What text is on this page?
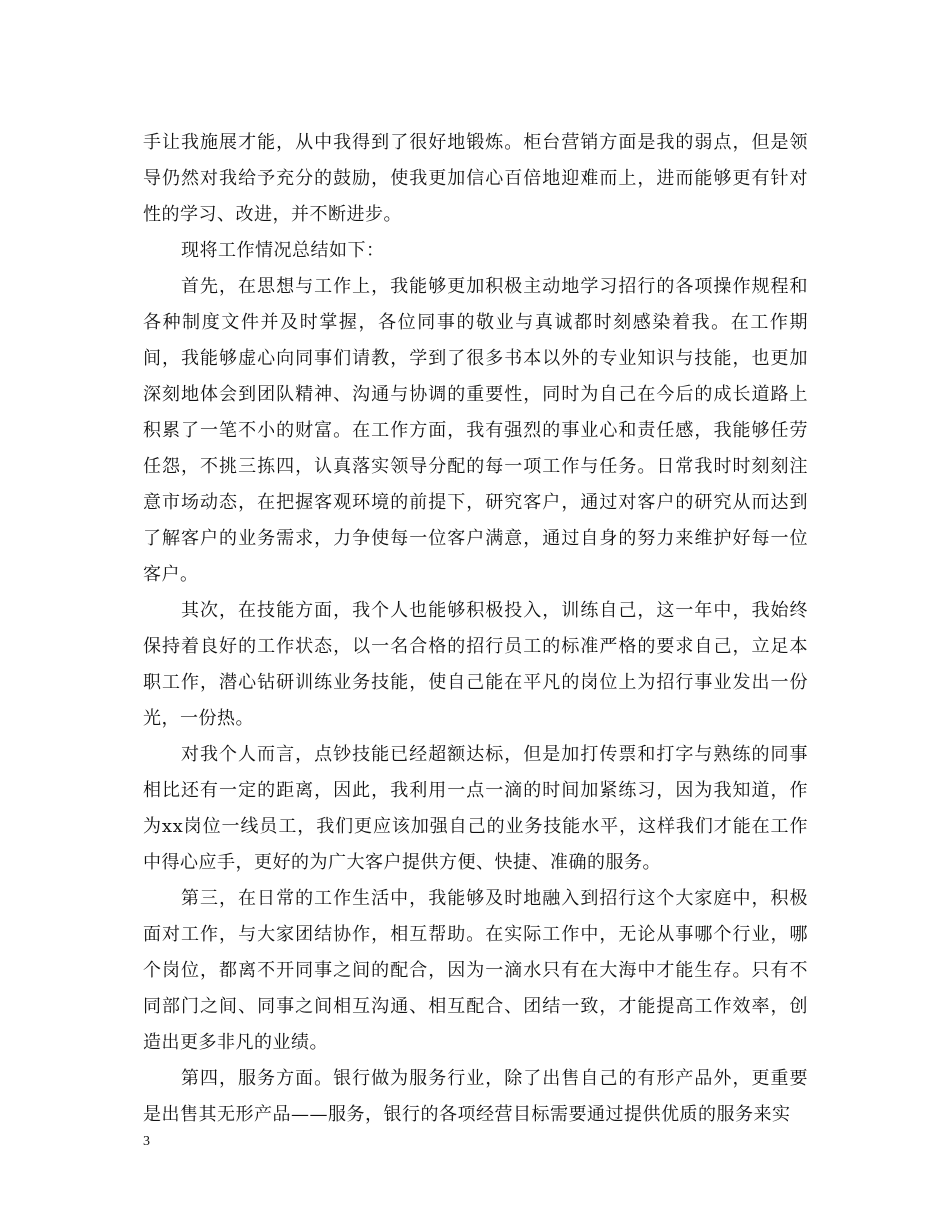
手让我施展才能，从中我得到了很好地锻炼。柜台营销方面是我的弱点，但是领导仍然对我给予充分的鼓励，使我更加信心百倍地迎难而上，进而能够更有针对性的学习、改进，并不断进步。

现将工作情况总结如下：

首先，在思想与工作上，我能够更加积极主动地学习招行的各项操作规程和各种制度文件并及时掌握，各位同事的敬业与真诚都时刻感染着我。在工作期间，我能够虚心向同事们请教，学到了很多书本以外的专业知识与技能，也更加深刻地体会到团队精神、沟通与协调的重要性，同时为自己在今后的成长道路上积累了一笔不小的财富。在工作方面，我有强烈的事业心和责任感，我能够任劳任怨，不挑三拣四，认真落实领导分配的每一项工作与任务。日常我时时刻刻注意市场动态，在把握客观环境的前提下，研究客户，通过对客户的研究从而达到了解客户的业务需求，力争使每一位客户满意，通过自身的努力来维护好每一位客户。

其次，在技能方面，我个人也能够积极投入，训练自己，这一年中，我始终保持着良好的工作状态，以一名合格的招行员工的标准严格的要求自己，立足本职工作，潜心钻研训练业务技能，使自己能在平凡的岗位上为招行事业发出一份光，一份热。

对我个人而言，点钞技能已经超额达标，但是加打传票和打字与熟练的同事相比还有一定的距离，因此，我利用一点一滴的时间加紧练习，因为我知道，作为xx岗位一线员工，我们更应该加强自己的业务技能水平，这样我们才能在工作中得心应手，更好的为广大客户提供方便、快捷、准确的服务。

第三，在日常的工作生活中，我能够及时地融入到招行这个大家庭中，积极面对工作，与大家团结协作，相互帮助。在实际工作中，无论从事哪个行业，哪个岗位，都离不开同事之间的配合，因为一滴水只有在大海中才能生存。只有不同部门之间、同事之间相互沟通、相互配合、团结一致，才能提高工作效率，创造出更多非凡的业绩。

第四，服务方面。银行做为服务行业，除了出售自己的有形产品外，更重要是出售其无形产品——服务，银行的各项经营目标需要通过提供优质的服务来实

3
